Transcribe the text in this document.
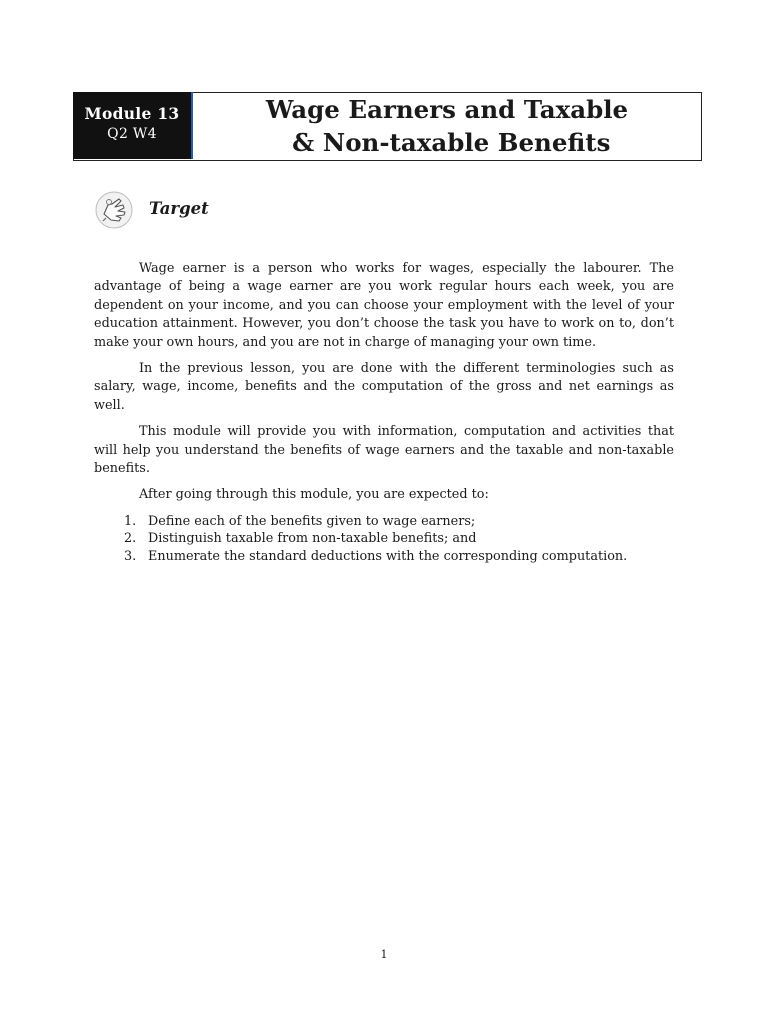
Module 13
Q2 W4
Wage Earners and Taxable
& Non-taxable Benefits
Target

Wage earner is a person who works for wages, especially the labourer. The advantage of being a wage earner are you work regular hours each week, you are dependent on your income, and you can choose your employment with the level of your education attainment. However, you don’t choose the task you have to work on to, don’t make your own hours, and you are not in charge of managing your own time.

In the previous lesson, you are done with the different terminologies such as salary, wage, income, benefits and the computation of the gross and net earnings as well.

This module will provide you with information, computation and activities that will help you understand the benefits of wage earners and the taxable and non-taxable benefits.

After going through this module, you are expected to:

1. Define each of the benefits given to wage earners;
2. Distinguish taxable from non-taxable benefits; and
3. Enumerate the standard deductions with the corresponding computation.
1
